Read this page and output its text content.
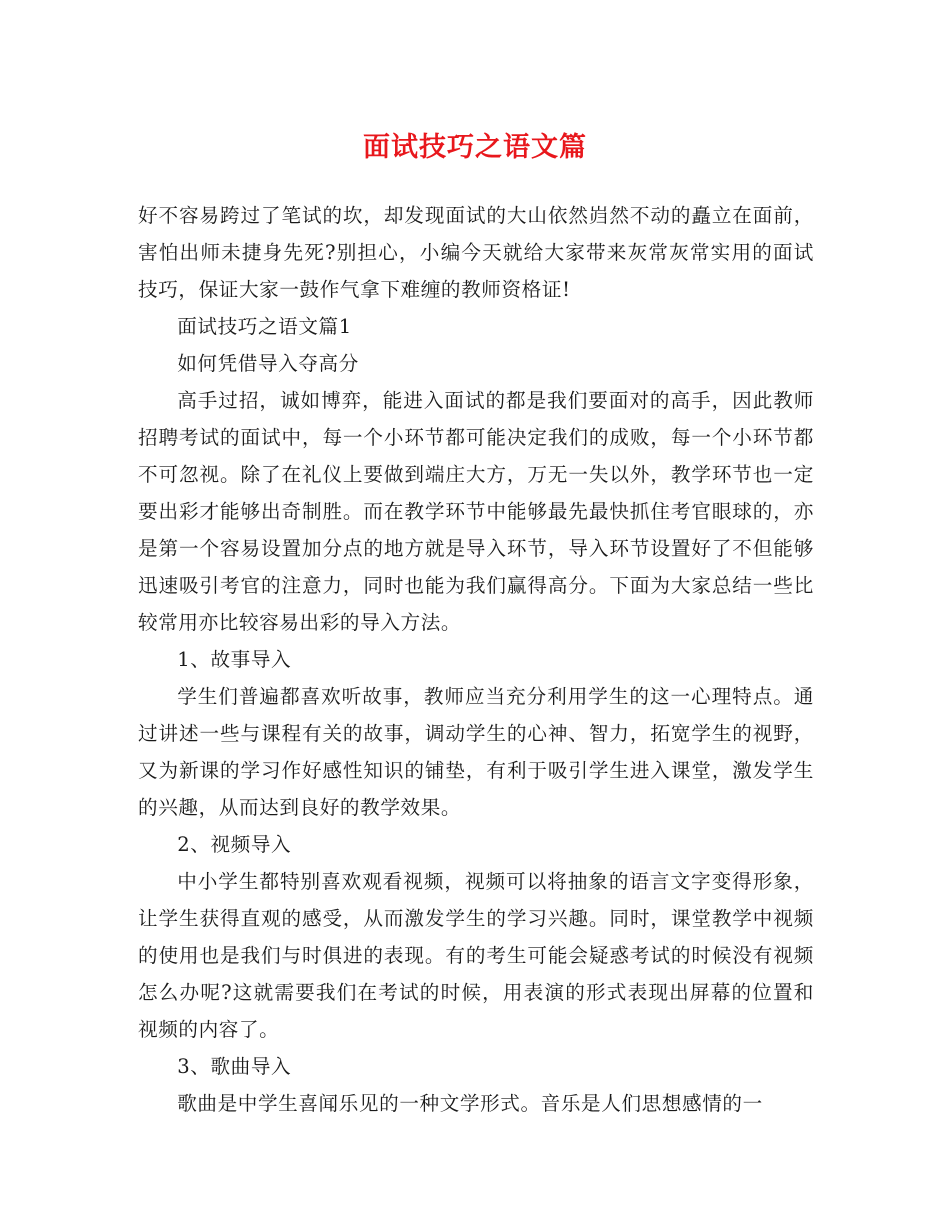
面试技巧之语文篇

好不容易跨过了笔试的坎，却发现面试的大山依然岿然不动的矗立在面前，害怕出师未捷身先死?别担心，小编今天就给大家带来灰常灰常实用的面试技巧，保证大家一鼓作气拿下难缠的教师资格证!

面试技巧之语文篇1

如何凭借导入夺高分

高手过招，诚如博弈，能进入面试的都是我们要面对的高手，因此教师招聘考试的面试中，每一个小环节都可能决定我们的成败，每一个小环节都不可忽视。除了在礼仪上要做到端庄大方，万无一失以外，教学环节也一定要出彩才能够出奇制胜。而在教学环节中能够最先最快抓住考官眼球的，亦是第一个容易设置加分点的地方就是导入环节，导入环节设置好了不但能够迅速吸引考官的注意力，同时也能为我们赢得高分。下面为大家总结一些比较常用亦比较容易出彩的导入方法。

1、故事导入

学生们普遍都喜欢听故事，教师应当充分利用学生的这一心理特点。通过讲述一些与课程有关的故事，调动学生的心神、智力，拓宽学生的视野，又为新课的学习作好感性知识的铺垫，有利于吸引学生进入课堂，激发学生的兴趣，从而达到良好的教学效果。

2、视频导入

中小学生都特别喜欢观看视频，视频可以将抽象的语言文字变得形象，让学生获得直观的感受，从而激发学生的学习兴趣。同时，课堂教学中视频的使用也是我们与时俱进的表现。有的考生可能会疑惑考试的时候没有视频怎么办呢?这就需要我们在考试的时候，用表演的形式表现出屏幕的位置和视频的内容了。

3、歌曲导入

歌曲是中学生喜闻乐见的一种文学形式。音乐是人们思想感情的一
